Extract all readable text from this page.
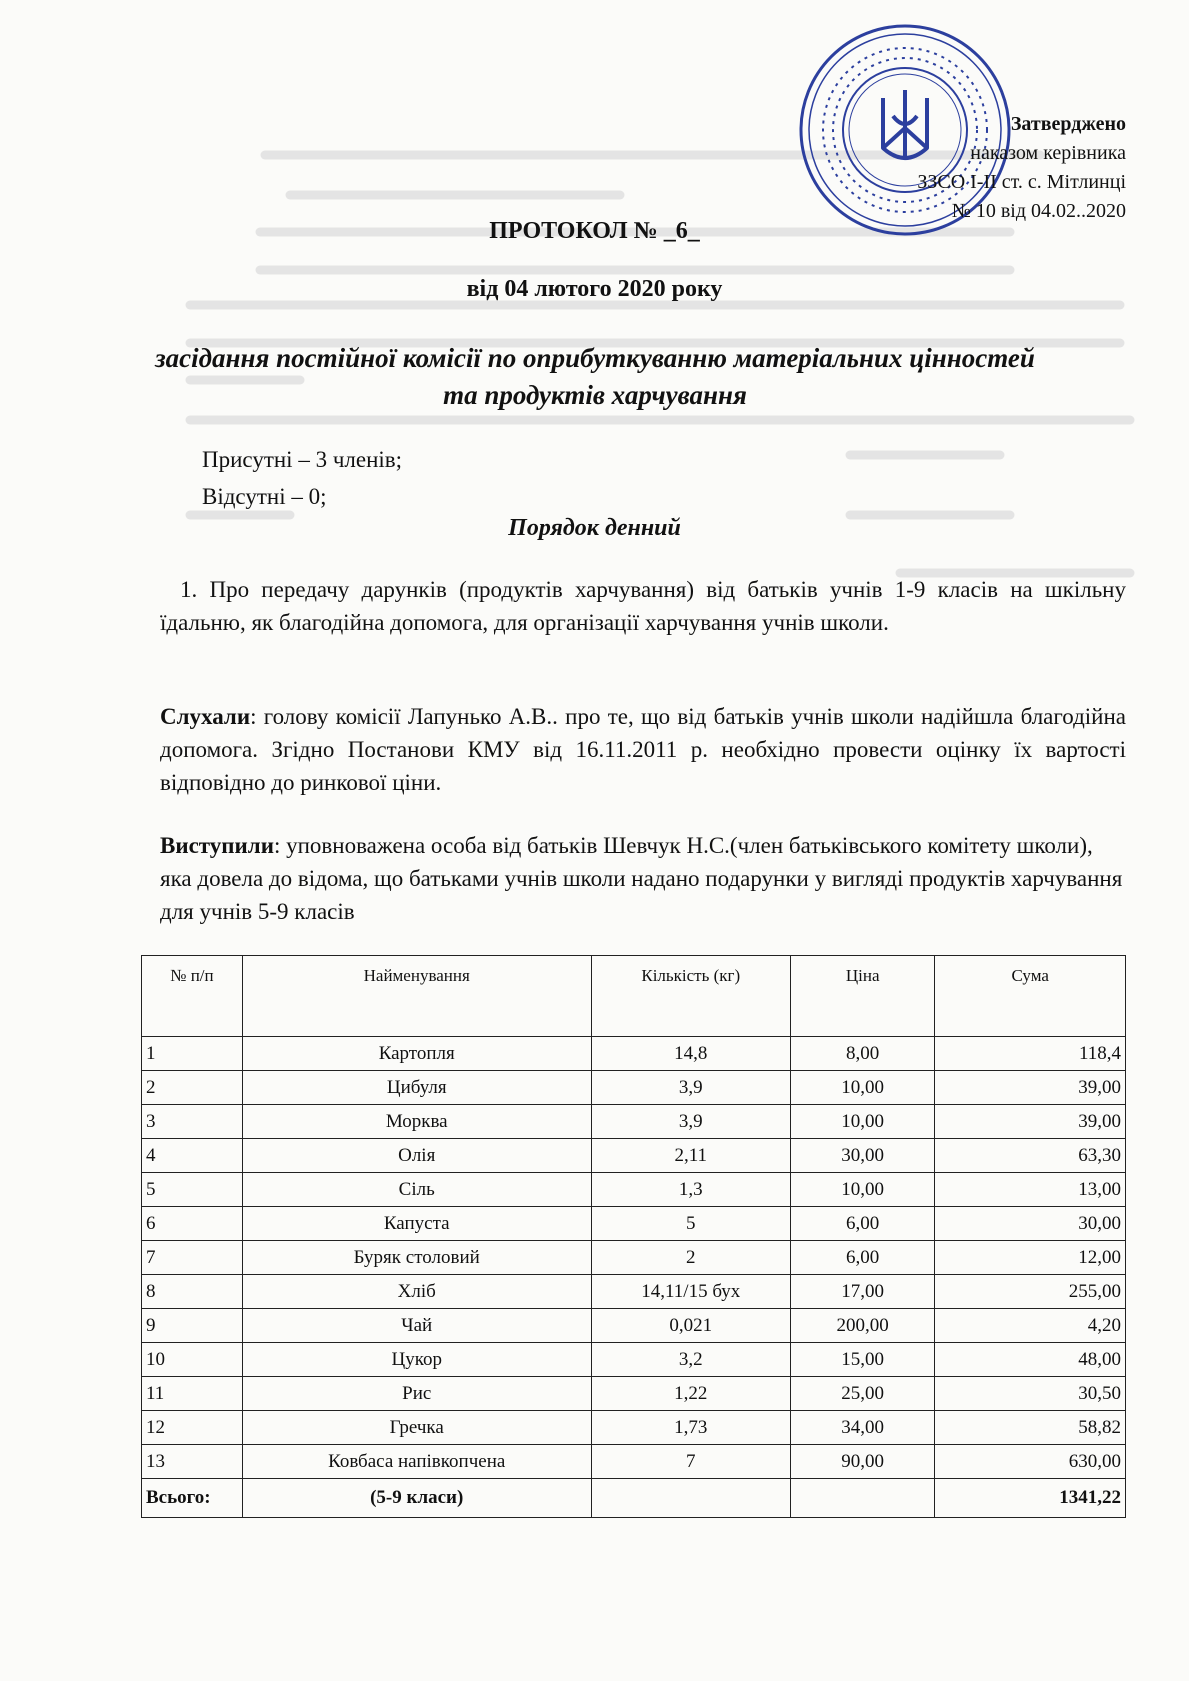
Затверджено
наказом керівника
ЗЗСО І-ІІ ст. с. Мітлинці
№ 10 від 04.02..2020
ПРОТОКОЛ № _6_
від 04 лютого 2020 року
засідання постійної комісії по оприбуткуванню матеріальних цінностей та продуктів харчування
Присутні – 3 членів;
Відсутні – 0;
Порядок денний
1. Про передачу дарунків (продуктів харчування) від батьків учнів 1-9 класів на шкільну їдальню, як благодійна допомога, для організації харчування учнів школи.
Слухали: голову комісії Лапунько А.В.. про те, що від батьків учнів школи надійшла благодійна допомога. Згідно Постанови КМУ від 16.11.2011 р. необхідно провести оцінку їх вартості відповідно до ринкової ціни.
Виступили: уповноважена особа від батьків Шевчук Н.С.(член батьківського комітету школи), яка довела до відома, що батьками учнів школи надано подарунки у вигляді продуктів харчування для учнів 5-9 класів
№ п/п	Найменування	Кількість (кг)	Ціна	Сума
1	Картопля	14,8	8,00	118,4
2	Цибуля	3,9	10,00	39,00
3	Морква	3,9	10,00	39,00
4	Олія	2,11	30,00	63,30
5	Сіль	1,3	10,00	13,00
6	Капуста	5	6,00	30,00
7	Буряк столовий	2	6,00	12,00
8	Хліб	14,11/15 бух	17,00	255,00
9	Чай	0,021	200,00	4,20
10	Цукор	3,2	15,00	48,00
11	Рис	1,22	25,00	30,50
12	Гречка	1,73	34,00	58,82
13	Ковбаса напівкопчена	7	90,00	630,00
Всього:	(5-9 класи)			1341,22
